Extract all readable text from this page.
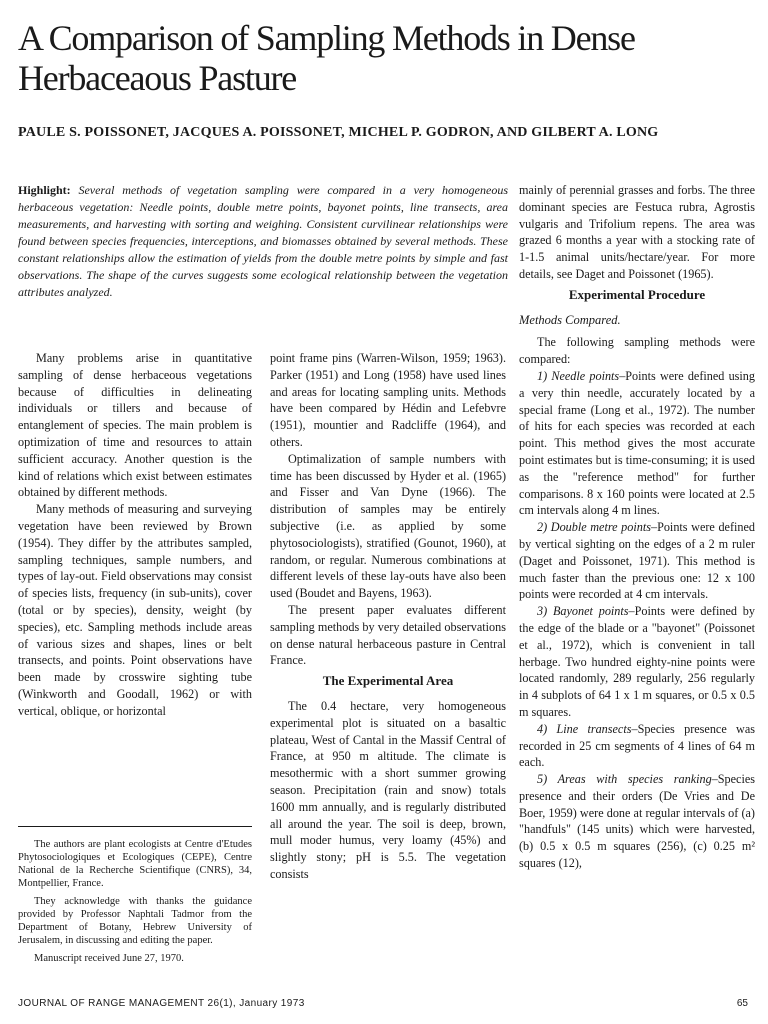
A Comparison of Sampling Methods in Dense Herbaceaous Pasture
PAULE S. POISSONET, JACQUES A. POISSONET, MICHEL P. GODRON, AND GILBERT A. LONG
Highlight: Several methods of vegetation sampling were compared in a very homogeneous herbaceous vegetation: Needle points, double metre points, bayonet points, line transects, area measurements, and harvesting with sorting and weighing. Consistent curvilinear relationships were found between species frequencies, interceptions, and biomasses obtained by several methods. These constant relationships allow the estimation of yields from the double metre points by simple and fast observations. The shape of the curves suggests some ecological relationship between the vegetation attributes analyzed.

Many problems arise in quantitative sampling of dense herbaceous vegetations because of difficulties in delineating individuals or tillers and because of entanglement of species. The main problem is optimization of time and resources to attain sufficient accuracy. Another question is the kind of relations which exist between estimates obtained by different methods.

Many methods of measuring and surveying vegetation have been reviewed by Brown (1954). They differ by the attributes sampled, sampling techniques, sample numbers, and types of lay-out. Field observations may consist of species lists, frequency (in sub-units), cover (total or by species), density, weight (by species), etc. Sampling methods include areas of various sizes and shapes, lines or belt transects, and points. Point observations have been made by crosswire sighting tube (Winkworth and Goodall, 1962) or with vertical, oblique, or horizontal

The authors are plant ecologists at Centre d'Etudes Phytosociologiques et Ecologiques (CEPE), Centre National de la Recherche Scientifique (CNRS), 34, Montpellier, France.

They acknowledge with thanks the guidance provided by Professor Naphtali Tadmor from the Department of Botany, Hebrew University of Jerusalem, in discussing and editing the paper.

Manuscript received June 27, 1970.

point frame pins (Warren-Wilson, 1959; 1963). Parker (1951) and Long (1958) have used lines and areas for locating sampling units. Methods have been compared by Hédin and Lefebvre (1951), mountier and Radcliffe (1964), and others.

Optimalization of sample numbers with time has been discussed by Hyder et al. (1965) and Fisser and Van Dyne (1966). The distribution of samples may be entirely subjective (i.e. as applied by some phytosociologists), stratified (Gounot, 1960), at random, or regular. Numerous combinations at different levels of these lay-outs have also been used (Boudet and Bayens, 1963).

The present paper evaluates different sampling methods by very detailed observations on dense natural herbaceous pasture in Central France.

The Experimental Area

The 0.4 hectare, very homogeneous experimental plot is situated on a basaltic plateau, West of Cantal in the Massif Central of France, at 950 m altitude. The climate is mesothermic with a short summer growing season. Precipitation (rain and snow) totals 1600 mm annually, and is regularly distributed all around the year. The soil is deep, brown, mull moder humus, very loamy (45%) and slightly stony; pH is 5.5. The vegetation consists

mainly of perennial grasses and forbs. The three dominant species are Festuca rubra, Agrostis vulgaris and Trifolium repens. The area was grazed 6 months a year with a stocking rate of 1-1.5 animal units/hectare/year. For more details, see Daget and Poissonet (1965).

Experimental Procedure
Methods Compared.

The following sampling methods were compared:

1) Needle points–Points were defined using a very thin needle, accurately located by a special frame (Long et al., 1972). The number of hits for each species was recorded at each point. This method gives the most accurate point estimates but is time-consuming; it is used as the "reference method" for further comparisons. 8 x 160 points were located at 2.5 cm intervals along 4 m lines.

2) Double metre points–Points were defined by vertical sighting on the edges of a 2 m ruler (Daget and Poissonet, 1971). This method is much faster than the previous one: 12 x 100 points were recorded at 4 cm intervals.

3) Bayonet points–Points were defined by the edge of the blade or a "bayonet" (Poissonet et al., 1972), which is convenient in tall herbage. Two hundred eighty-nine points were located randomly, 289 regularly, 256 regularly in 4 subplots of 64 1 x 1 m squares, or 0.5 x 0.5 m squares.

4) Line transects–Species presence was recorded in 25 cm segments of 4 lines of 64 m each.

5) Areas with species ranking–Species presence and their orders (De Vries and De Boer, 1959) were done at regular intervals of (a) "handfuls" (145 units) which were harvested, (b) 0.5 x 0.5 m squares (256), (c) 0.25 m² squares (12),

JOURNAL OF RANGE MANAGEMENT 26(1), January 1973	65
